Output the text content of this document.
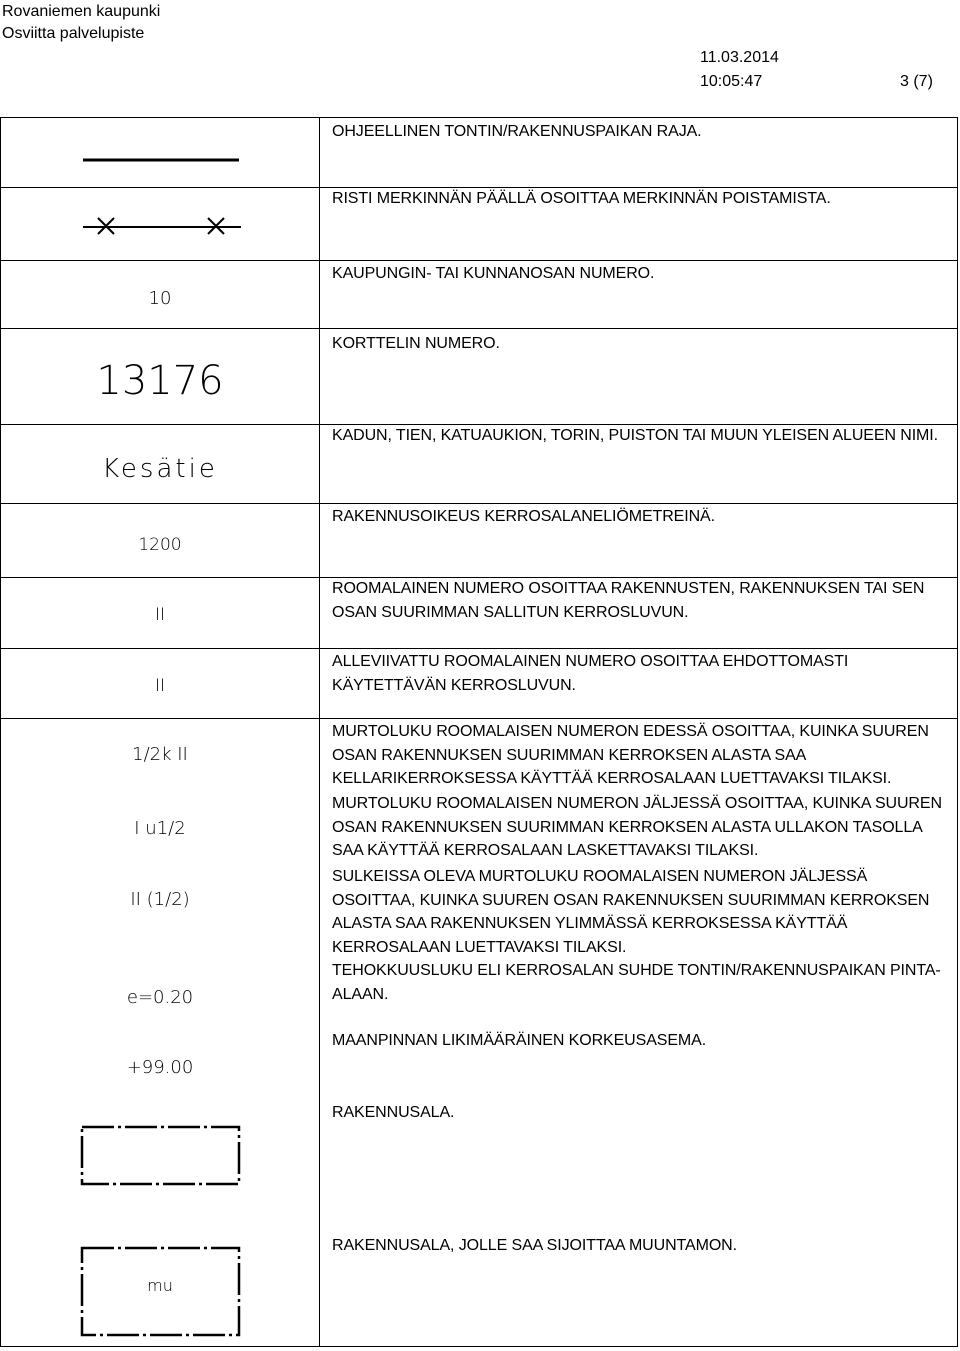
Rovaniemen kaupunki
Osviitta palvelupiste
11.03.2014
10:05:47	3 (7)
OHJEELLINEN TONTIN/RAKENNUSPAIKAN RAJA.
RISTI MERKINNÄN PÄÄLLÄ OSOITTAA MERKINNÄN POISTAMISTA.
10
KAUPUNGIN- TAI KUNNANOSAN NUMERO.
13176
KORTTELIN NUMERO.
Kesätie
KADUN, TIEN, KATUAUKION, TORIN, PUISTON TAI MUUN YLEISEN ALUEEN NIMI.
1200
RAKENNUSOIKEUS KERROSALANELIÖMETREINÄ.
II
ROOMALAINEN NUMERO OSOITTAA RAKENNUSTEN, RAKENNUKSEN TAI SEN OSAN SUURIMMAN SALLITUN KERROSLUVUN.
II
ALLEVIIVATTU ROOMALAINEN NUMERO OSOITTAA EHDOTTOMASTI KÄYTETTÄVÄN KERROSLUVUN.
1/2k II
MURTOLUKU ROOMALAISEN NUMERON EDESSÄ OSOITTAA, KUINKA SUUREN OSAN RAKENNUKSEN SUURIMMAN KERROKSEN ALASTA SAA KELLARIKERROKSESSA KÄYTTÄÄ KERROSALAAN LUETTAVAKSI TILAKSI.
I u1/2
MURTOLUKU ROOMALAISEN NUMERON JÄLJESSÄ OSOITTAA, KUINKA SUUREN OSAN RAKENNUKSEN SUURIMMAN KERROKSEN ALASTA ULLAKON TASOLLA SAA KÄYTTÄÄ KERROSALAAN LASKETTAVAKSI TILAKSI.
II (1/2)
SULKEISSA OLEVA MURTOLUKU ROOMALAISEN NUMERON JÄLJESSÄ OSOITTAA, KUINKA SUUREN OSAN RAKENNUKSEN SUURIMMAN KERROKSEN ALASTA SAA RAKENNUKSEN YLIMMÄSSÄ KERROKSESSA KÄYTTÄÄ KERROSALAAN LUETTAVAKSI TILAKSI.
e=0.20
TEHOKKUUSLUKU ELI KERROSALAN SUHDE TONTIN/RAKENNUSPAIKAN PINTA-ALAAN.
+99.00
MAANPINNAN LIKIMÄÄRÄINEN KORKEUSASEMA.
RAKENNUSALA.
mu
RAKENNUSALA, JOLLE SAA SIJOITTAA MUUNTAMON.
